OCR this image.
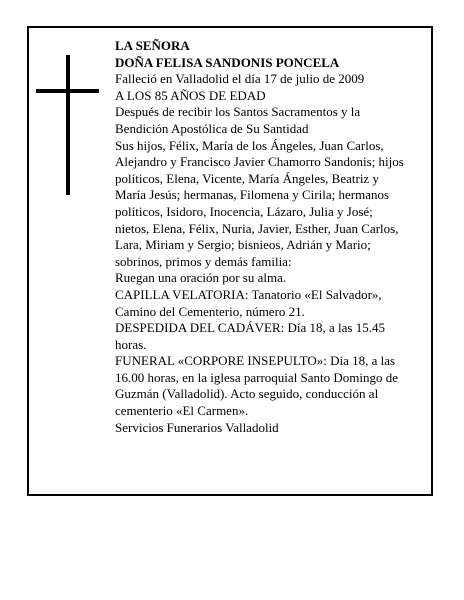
LA SEÑORA
DOÑA FELISA SANDONIS PONCELA
Falleció en Valladolid el día 17 de julio de 2009
A LOS 85 AÑOS DE EDAD
Después de recibir los Santos Sacramentos y la
Bendición Apostólica de Su Santidad
Sus hijos, Félix, María de los Ángeles, Juan Carlos,
Alejandro y Francisco Javier Chamorro Sandonis; hijos
políticos, Elena, Vicente, María Ángeles, Beatriz y
María Jesús; hermanas, Filomena y Cirila; hermanos
políticos, Isidoro, Inocencia, Lázaro, Julia y José;
nietos, Elena, Félix, Nuria, Javier, Esther, Juan Carlos,
Lara, Miriam y Sergio; bisnieos, Adrián y Mario;
sobrinos, primos y demás familia:
Ruegan una oración por su alma.
CAPILLA VELATORIA: Tanatorio «El Salvador»,
Camino del Cementerio, número 21.
DESPEDIDA DEL CADÁVER: Día 18, a las 15.45
horas.
FUNERAL «CORPORE INSEPULTO»: Día 18, a las
16.00 horas, en la iglesa parroquial Santo Domingo de
Guzmán (Valladolid). Acto seguido, conducción al
cementerio «El Carmen».
Servicios Funerarios Valladolid
